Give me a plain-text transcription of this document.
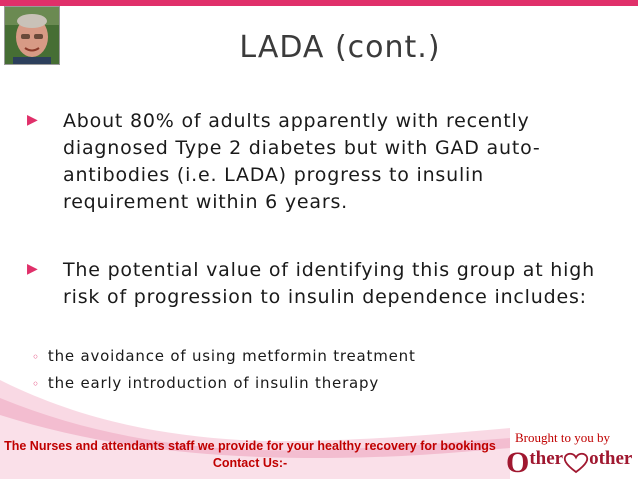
LADA (cont.)
▶ About 80% of adults apparently with recently diagnosed Type 2 diabetes but with GAD auto-antibodies (i.e. LADA) progress to insulin requirement within 6 years.
▶ The potential value of identifying this group at high risk of progression to insulin dependence includes:
◦ the avoidance of using metformin treatment
◦ the early introduction of insulin therapy
The Nurses and attendants staff we provide for your healthy recovery for bookings Contact Us:-
Brought to you by
Other other
